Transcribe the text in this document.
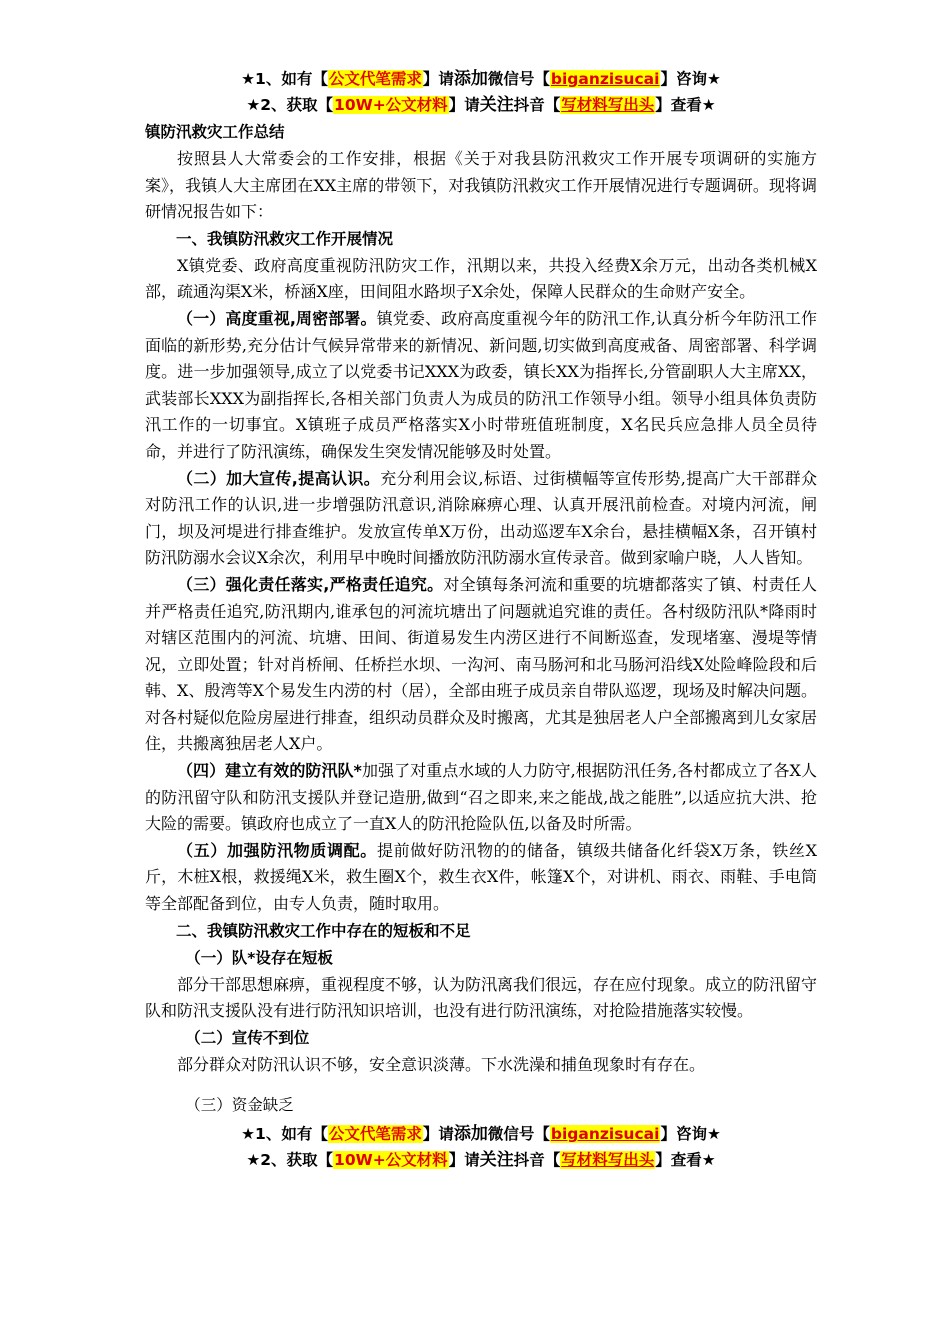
★1、如有【公文代笔需求】请添加微信号【biganzisucai】咨询★
★2、获取【10W+公文材料】请关注抖音【写材料写出头】查看★
镇防汛救灾工作总结

按照县人大常委会的工作安排，根据《关于对我县防汛救灾工作开展专项调研的实施方案》，我镇人大主席团在XX主席的带领下，对我镇防汛救灾工作开展情况进行专题调研。现将调研情况报告如下：

一、我镇防汛救灾工作开展情况

X镇党委、政府高度重视防汛防灾工作，汛期以来，共投入经费X余万元，出动各类机械X部，疏通沟渠X米，桥涵X座，田间阻水路坝子X余处，保障人民群众的生命财产安全。

（一）高度重视,周密部署。镇党委、政府高度重视今年的防汛工作,认真分析今年防汛工作面临的新形势,充分估计气候异常带来的新情况、新问题,切实做到高度戒备、周密部署、科学调度。进一步加强领导,成立了以党委书记XXX为政委，镇长XX为指挥长,分管副职人大主席XX，武装部长XXX为副指挥长,各相关部门负责人为成员的防汛工作领导小组。领导小组具体负责防汛工作的一切事宜。X镇班子成员严格落实X小时带班值班制度，X名民兵应急排人员全员待命，并进行了防汛演练，确保发生突发情况能够及时处置。

（二）加大宣传,提高认识。充分利用会议,标语、过街横幅等宣传形势,提高广大干部群众对防汛工作的认识,进一步增强防汛意识,消除麻痹心理、认真开展汛前检查。对境内河流，闸门，坝及河堤进行排查维护。发放宣传单X万份，出动巡逻车X余台，悬挂横幅X条，召开镇村防汛防溺水会议X余次，利用早中晚时间播放防汛防溺水宣传录音。做到家喻户晓，人人皆知。

（三）强化责任落实,严格责任追究。对全镇每条河流和重要的坑塘都落实了镇、村责任人并严格责任追究,防汛期内,谁承包的河流坑塘出了问题就追究谁的责任。各村级防汛队*降雨时对辖区范围内的河流、坑塘、田间、街道易发生内涝区进行不间断巡查，发现堵塞、漫堤等情况，立即处置；针对肖桥闸、任桥拦水坝、一沟河、南马肠河和北马肠河沿线X处险峰险段和后韩、X、殷湾等X个易发生内涝的村（居），全部由班子成员亲自带队巡逻，现场及时解决问题。对各村疑似危险房屋进行排查，组织动员群众及时搬离，尤其是独居老人户全部搬离到儿女家居住，共搬离独居老人X户。

（四）建立有效的防汛队*加强了对重点水域的人力防守,根据防汛任务,各村都成立了各X人的防汛留守队和防汛支援队并登记造册,做到“召之即来,来之能战,战之能胜”,以适应抗大洪、抢大险的需要。镇政府也成立了一直X人的防汛抢险队伍,以备及时所需。

（五）加强防汛物质调配。提前做好防汛物的的储备，镇级共储备化纤袋X万条，铁丝X斤，木桩X根，救援绳X米，救生圈X个，救生衣X件，帐篷X个，对讲机、雨衣、雨鞋、手电筒等全部配备到位，由专人负责，随时取用。

二、我镇防汛救灾工作中存在的短板和不足
（一）队*设存在短板

部分干部思想麻痹，重视程度不够，认为防汛离我们很远，存在应付现象。成立的防汛留守队和防汛支援队没有进行防汛知识培训，也没有进行防汛演练，对抢险措施落实较慢。

（二）宣传不到位

部分群众对防汛认识不够，安全意识淡薄。下水洗澡和捕鱼现象时有存在。

（三）资金缺乏
★1、如有【公文代笔需求】请添加微信号【biganzisucai】咨询★
★2、获取【10W+公文材料】请关注抖音【写材料写出头】查看★
